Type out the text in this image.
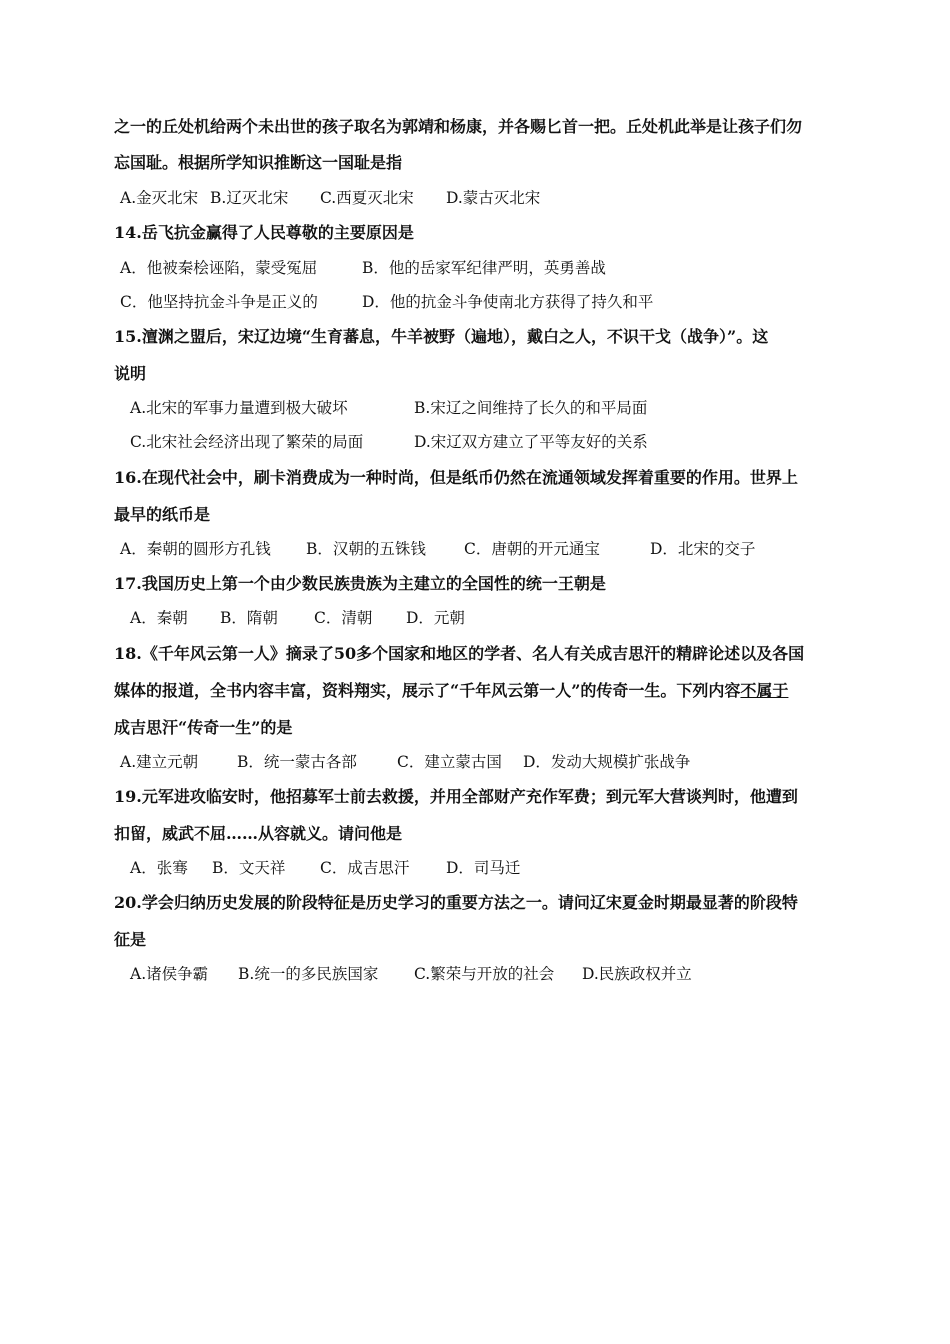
之一的丘处机给两个未出世的孩子取名为郭靖和杨康，并各赐匕首一把。丘处机此举是让孩子们勿
忘国耻。根据所学知识推断这一国耻是指
A.金灭北宋 B.辽灭北宋 C.西夏灭北宋 D.蒙古灭北宋
14.岳飞抗金赢得了人民尊敬的主要原因是
A．他被秦桧诬陷，蒙受冤屈	B．他的岳家军纪律严明，英勇善战
C．他坚持抗金斗争是正义的	D．他的抗金斗争使南北方获得了持久和平
15.澶渊之盟后，宋辽边境“生育蕃息，牛羊被野（遍地），戴白之人，不识干戈（战争）”。这
说明
A.北宋的军事力量遭到极大破坏	B.宋辽之间维持了长久的和平局面
C.北宋社会经济出现了繁荣的局面	D.宋辽双方建立了平等友好的关系
16.在现代社会中，刷卡消费成为一种时尚，但是纸币仍然在流通领域发挥着重要的作用。世界上
最早的纸币是
A．秦朝的圆形方孔钱 B．汉朝的五铢钱 C．唐朝的开元通宝	D．北宋的交子
17.我国历史上第一个由少数民族贵族为主建立的全国性的统一王朝是
A．秦朝 B．隋朝 C．清朝 D．元朝
18.《千年风云第一人》摘录了50多个国家和地区的学者、名人有关成吉思汗的精辟论述以及各国
媒体的报道，全书内容丰富，资料翔实，展示了“千年风云第一人”的传奇一生。下列内容不属于
成吉思汗“传奇一生”的是
A.建立元朝	B．统一蒙古各部	C．建立蒙古国 D．发动大规模扩张战争
19.元军进攻临安时，他招募军士前去救援，并用全部财产充作军费；到元军大营谈判时，他遭到
扣留，威武不屈……从容就义。请问他是
A．张骞 B．文天祥 C．成吉思汗 D．司马迁
20.学会归纳历史发展的阶段特征是历史学习的重要方法之一。请问辽宋夏金时期最显著的阶段特
征是
A.诸侯争霸 B.统一的多民族国家 C.繁荣与开放的社会 D.民族政权并立
